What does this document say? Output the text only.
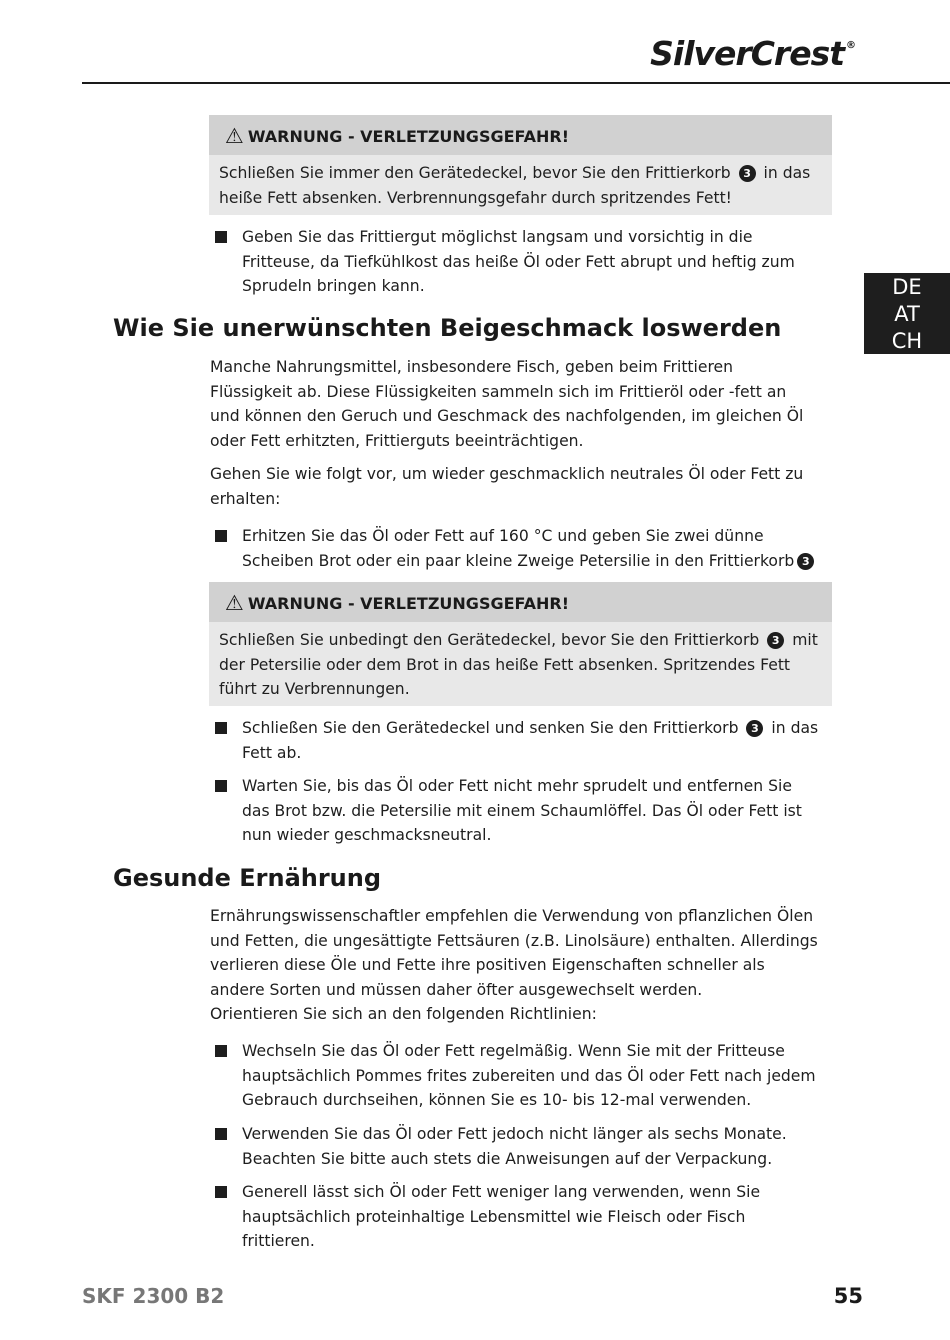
SilverCrest ®
DE
AT
CH
⚠ WARNUNG - VERLETZUNGSGEFAHR!
Schließen Sie immer den Gerätedeckel, bevor Sie den Frittierkorb 3 in das heiße Fett absenken. Verbrennungsgefahr durch spritzendes Fett!
Geben Sie das Frittiergut möglichst langsam und vorsichtig in die Fritteuse, da Tiefkühlkost das heiße Öl oder Fett abrupt und heftig zum Sprudeln bringen kann.
Wie Sie unerwünschten Beigeschmack loswerden

Manche Nahrungsmittel, insbesondere Fisch, geben beim Frittieren Flüssigkeit ab. Diese Flüssigkeiten sammeln sich im Frittieröl oder -fett an und können den Geruch und Geschmack des nachfolgenden, im gleichen Öl oder Fett erhitzten, Frittierguts beeinträchtigen.

Gehen Sie wie folgt vor, um wieder geschmacklich neutrales Öl oder Fett zu erhalten:

Erhitzen Sie das Öl oder Fett auf 160 °C und geben Sie zwei dünne Scheiben Brot oder ein paar kleine Zweige Petersilie in den Frittierkorb 3
⚠ WARNUNG - VERLETZUNGSGEFAHR!
Schließen Sie unbedingt den Gerätedeckel, bevor Sie den Frittierkorb 3 mit der Petersilie oder dem Brot in das heiße Fett absenken. Spritzendes Fett führt zu Verbrennungen.
Schließen Sie den Gerätedeckel und senken Sie den Frittierkorb 3 in das Fett ab.
Warten Sie, bis das Öl oder Fett nicht mehr sprudelt und entfernen Sie das Brot bzw. die Petersilie mit einem Schaumlöffel. Das Öl oder Fett ist nun wieder geschmacksneutral.
Gesunde Ernährung

Ernährungswissenschaftler empfehlen die Verwendung von pflanzlichen Ölen und Fetten, die ungesättigte Fettsäuren (z.B. Linolsäure) enthalten. Allerdings verlieren diese Öle und Fette ihre positiven Eigenschaften schneller als andere Sorten und müssen daher öfter ausgewechselt werden.

Orientieren Sie sich an den folgenden Richtlinien:

Wechseln Sie das Öl oder Fett regelmäßig. Wenn Sie mit der Fritteuse hauptsächlich Pommes frites zubereiten und das Öl oder Fett nach jedem Gebrauch durchseihen, können Sie es 10- bis 12-mal verwenden.
Verwenden Sie das Öl oder Fett jedoch nicht länger als sechs Monate. Beachten Sie bitte auch stets die Anweisungen auf der Verpackung.
Generell lässt sich Öl oder Fett weniger lang verwenden, wenn Sie hauptsächlich proteinhaltige Lebensmittel wie Fleisch oder Fisch frittieren.
SKF 2300 B2	55
